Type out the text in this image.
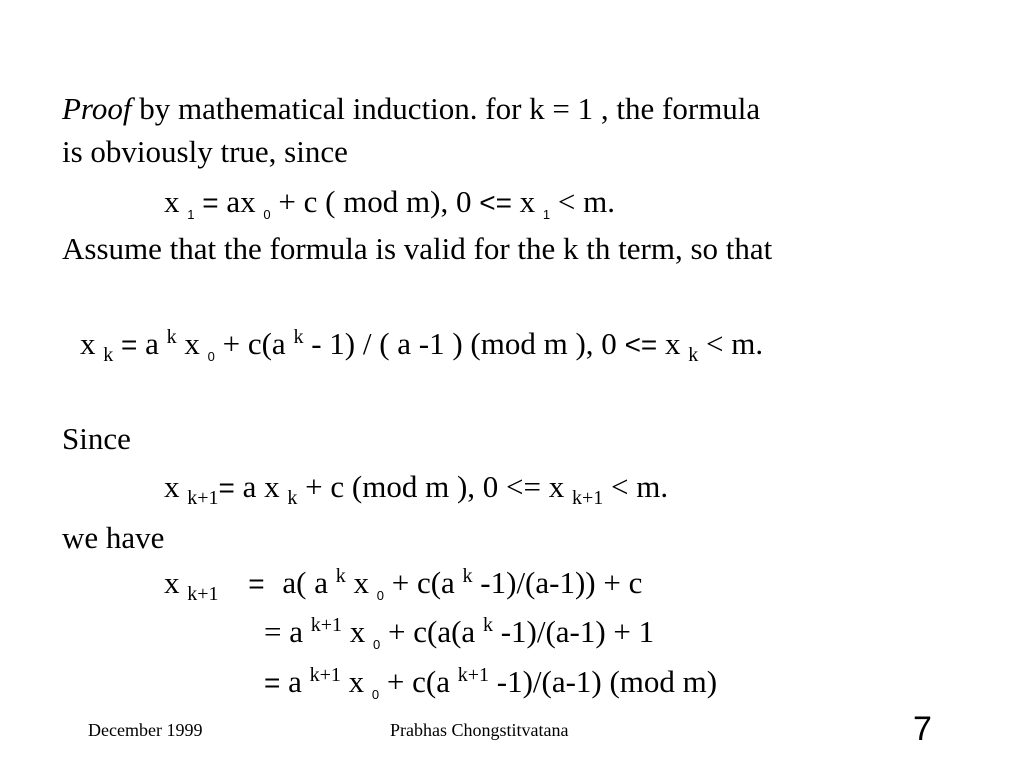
Proof by mathematical induction. for k = 1 , the formula
is obviously true, since
x $_1$ = ax $_0$ + c ( mod m), 0 <= x $_1$ < m.
Assume that the formula is valid for the k th term, so that
x $_k$ = a $^k$ x $_0$ + c(a $^k$ - 1) / ( a -1 ) (mod m ), 0 <= x $_k$ < m.
Since
x $_{k+1}$= a x $_k$ + c (mod m ), 0 <= x $_{k+1}$ < m.
we have
x $_{k+1}$ = a( a $^k$ x $_0$ + c(a $^k$ -1)/(a-1)) + c
= a $^{k+1}$ x $_0$ + c(a(a $^k$ -1)/(a-1) + 1
= a $^{k+1}$ x $_0$ + c(a $^{k+1}$ -1)/(a-1) (mod m)
December 1999	Prabhas Chongstitvatana	7
